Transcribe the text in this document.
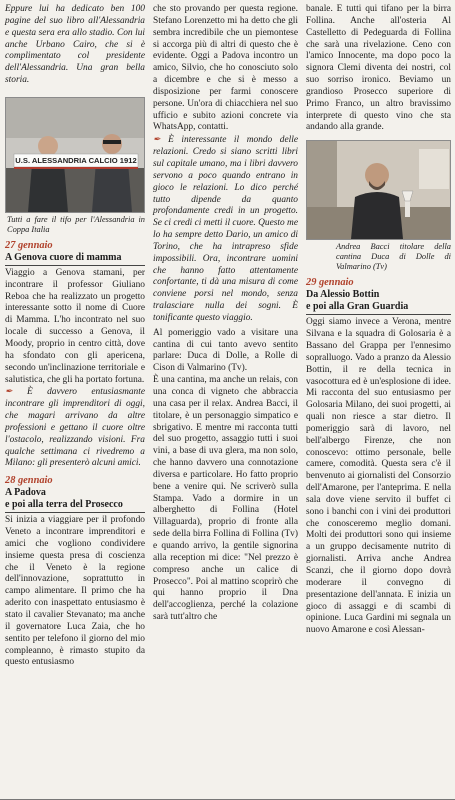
Eppure lui ha dedicato ben 100 pagine del suo libro all'Alessandria e questa sera era allo stadio. Con lui anche Urbano Cairo, che si è complimentato col presidente dell'Alessandria. Una gran bella storia.

U.S. ALESSANDRIA CALCIO 1912

Tutti a fare il tifo per l'Alessandria in Coppa Italia

27 gennaio

A Genova cuore di mamma

Viaggio a Genova stamani, per incontrare il professor Giuliano Reboa che ha realizzato un progetto interessante sotto il nome di Cuore di Mamma. L'ho incontrato nel suo locale di successo a Genova, il Moody, proprio in centro città, dove ha sfondato con gli apericena, secondo un'inclinazione territoriale e salutistica, che gli ha portato fortuna.

✒ È davvero entusiasmante incontrare gli imprenditori di oggi, che magari arrivano da altre professioni e gettano il cuore oltre l'ostacolo, realizzando visioni. Fra qualche settimana ci rivedremo a Milano: gli presenterò alcuni amici.

28 gennaio

A Padova

e poi alla terra del Prosecco

Si inizia a viaggiare per il profondo Veneto a incontrare imprenditori e amici che vogliono condividere insieme questa presa di coscienza che il Veneto è la regione dell'innovazione, soprattutto in campo alimentare. Il primo che ha aderito con inaspettato entusiasmo è stato il cavalier Stevanato; ma anche il governatore Luca Zaia, che ho sentito per telefono il giorno del mio compleanno, è rimasto stupito da questo entusiasmo

che sto provando per questa regione. Stefano Lorenzetto mi ha detto che gli sembra incredibile che un piemontese si accorga più di altri di questo che è evidente. Oggi a Padova incontro un amico, Silvio, che ho conosciuto solo a dicembre e che si è messo a disposizione per farmi conoscere persone. Un'ora di chiacchiera nel suo ufficio e subito azioni concrete via WhatsApp, contatti.

✒ È interessante il mondo delle relazioni. Credo si siano scritti libri sul capitale umano, ma i libri davvero servono a poco quando entrano in gioco le relazioni. Lo dico perché tutto dipende da quanto profondamente credi in un progetto. Se ci credi ci metti il cuore. Questo me lo ha sempre detto Dario, un amico di Torino, che ha intrapreso sfide impossibili. Ora, incontrare uomini che hanno fatto attentamente confortante, ti dà una misura di come conviene porsi nel mondo, senza tralasciare nulla dei sogni. È tonificante questo viaggio.

Al pomeriggio vado a visitare una cantina di cui tanto avevo sentito parlare: Duca di Dolle, a Rolle di Cison di Valmarino (Tv).

È una cantina, ma anche un relais, con una conca di vigneto che abbraccia una casa per il relax. Andrea Bacci, il titolare, è un personaggio simpatico e sbrigativo. E mentre mi racconta tutti del suo progetto, assaggio tutti i suoi vini, a base di uva glera, ma non solo, che hanno davvero una connotazione diversa e particolare. Ho fatto proprio bene a venire qui. Ne scriverò sulla Stampa. Vado a dormire in un alberghetto di Follina (Hotel Villaguarda), proprio di fronte alla sede della birra Follina di Follina (Tv) e quando arrivo, la gentile signorina alla reception mi dice: "Nel prezzo è compreso anche un calice di Prosecco". Poi al mattino scoprirò che qui hanno proprio il Dna dell'accoglienza, perché la colazione sarà tutt'altro che

banale. E tutti qui tifano per la birra Follina. Anche all'osteria Al Castelletto di Pedeguarda di Follina che sarà una rivelazione. Ceno con l'amico Innocente, ma dopo poco la signora Clemi diventa dei nostri, col suo sorriso ironico. Beviamo un grandioso Prosecco superiore di Primo Franco, un altro bravissimo interprete di questo vino che sta andando alla grande.

Andrea Bacci titolare della cantina Duca di Dolle di Valmarino (Tv)

29 gennaio

Da Alessio Bottin

e poi alla Gran Guardia

Oggi siamo invece a Verona, mentre Silvana e la squadra di Golosaria è a Bassano del Grappa per l'ennesimo sopralluogo. Vado a pranzo da Alessio Bottin, il re della tecnica in vasocottura ed è un'esplosione di idee. Mi racconta del suo entusiasmo per Golosaria Milano, dei suoi progetti, ai quali non riesce a star dietro. Il pomeriggio sarà di lavoro, nel bell'albergo Firenze, che non conoscevo: ottimo personale, belle camere, comodità. Questa sera c'è il benvenuto ai giornalisti del Consorzio dell'Amarone, per l'anteprima. E nella sala dove viene servito il buffet ci sono i banchi con i vini dei produttori che conosceremo meglio domani. Molti dei produttori sono qui insieme a un gruppo decisamente nutrito di giornalisti. Arriva anche Andrea Scanzi, che il giorno dopo dovrà moderare il convegno di presentazione dell'annata. E inizia un gioco di assaggi e di scambi di opinione. Luca Gardini mi segnala un nuovo Amarone e così Alessan-
